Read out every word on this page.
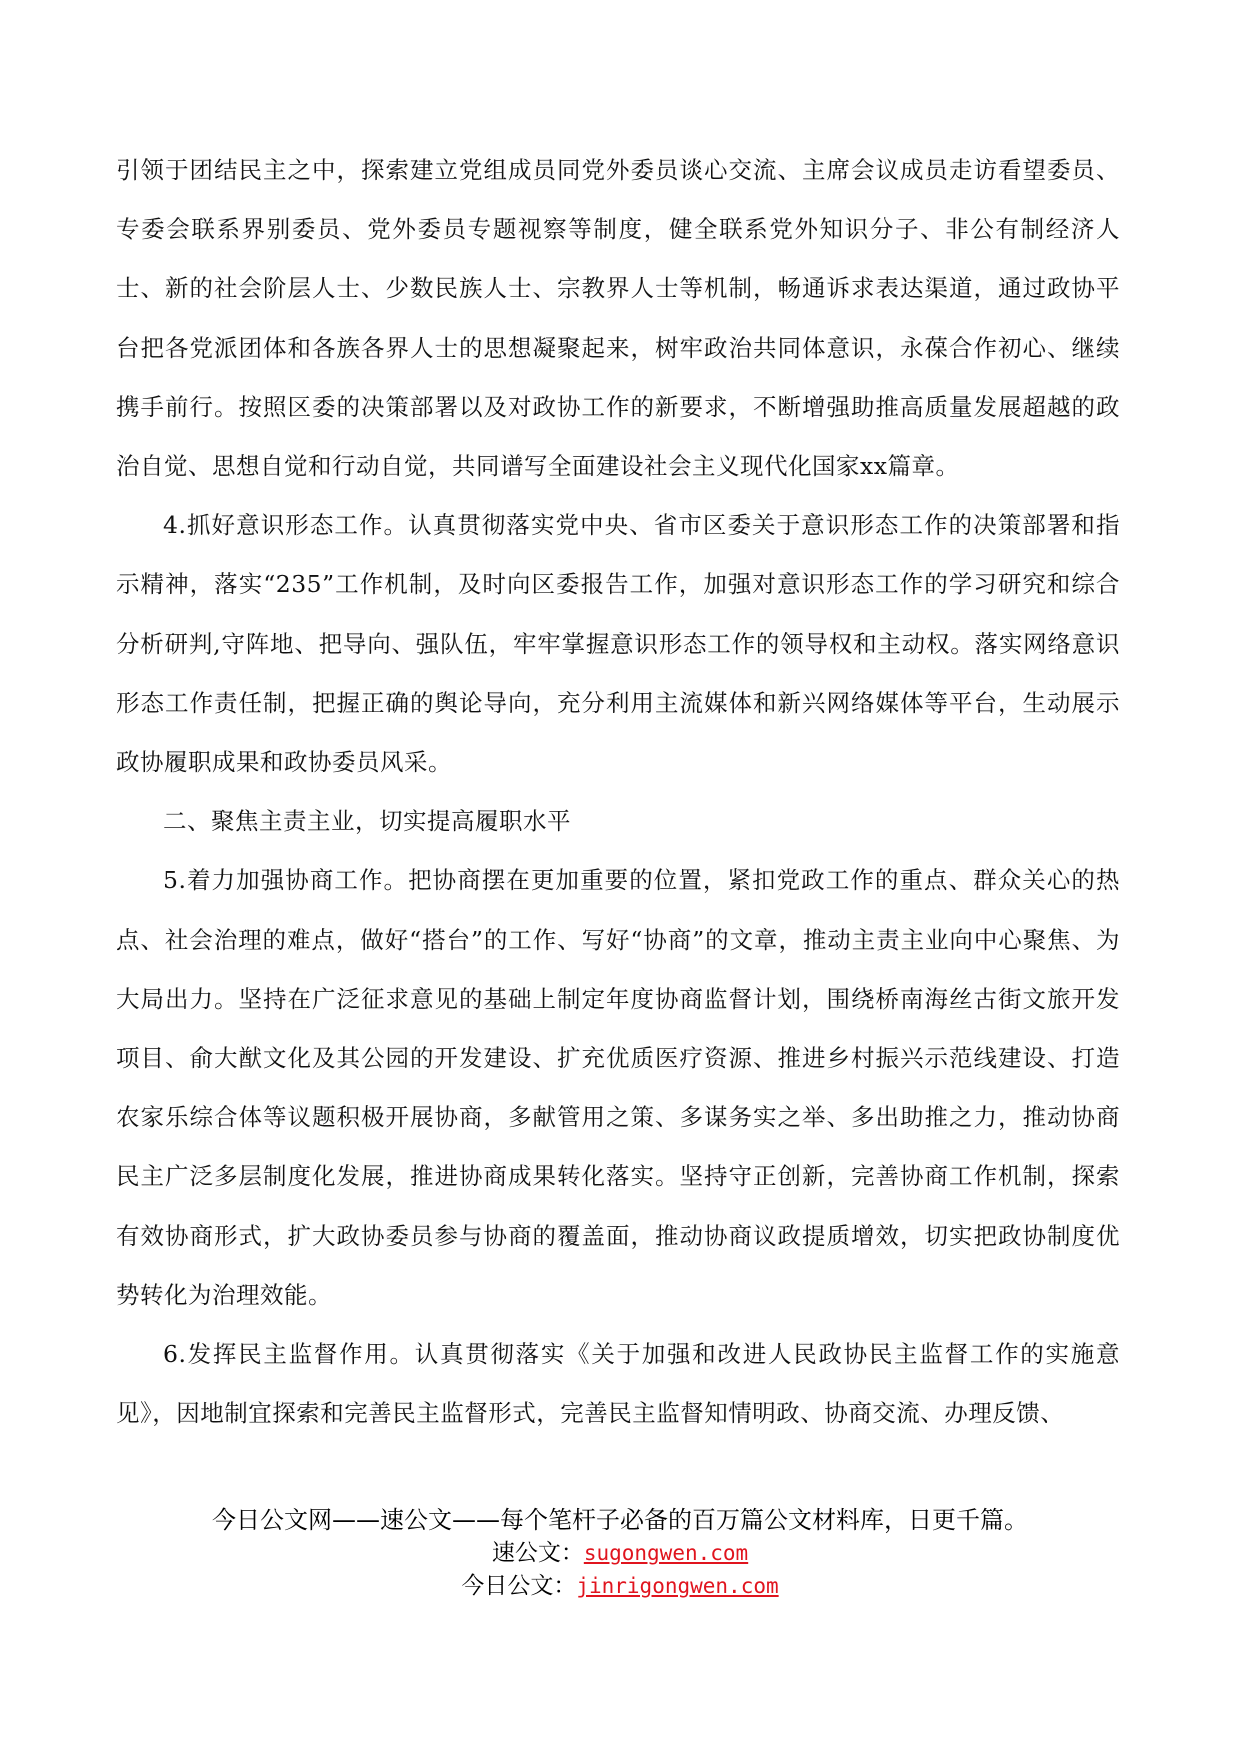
引领于团结民主之中，探索建立党组成员同党外委员谈心交流、主席会议成员走访看望委员、专委会联系界别委员、党外委员专题视察等制度，健全联系党外知识分子、非公有制经济人士、新的社会阶层人士、少数民族人士、宗教界人士等机制，畅通诉求表达渠道，通过政协平台把各党派团体和各族各界人士的思想凝聚起来，树牢政治共同体意识，永葆合作初心、继续携手前行。按照区委的决策部署以及对政协工作的新要求，不断增强助推高质量发展超越的政治自觉、思想自觉和行动自觉，共同谱写全面建设社会主义现代化国家xx篇章。

4.抓好意识形态工作。认真贯彻落实党中央、省市区委关于意识形态工作的决策部署和指示精神，落实“235”工作机制，及时向区委报告工作，加强对意识形态工作的学习研究和综合分析研判,守阵地、把导向、强队伍，牢牢掌握意识形态工作的领导权和主动权。落实网络意识形态工作责任制，把握正确的舆论导向，充分利用主流媒体和新兴网络媒体等平台，生动展示政协履职成果和政协委员风采。

二、聚焦主责主业，切实提高履职水平

5.着力加强协商工作。把协商摆在更加重要的位置，紧扣党政工作的重点、群众关心的热点、社会治理的难点，做好“搭台”的工作、写好“协商”的文章，推动主责主业向中心聚焦、为大局出力。坚持在广泛征求意见的基础上制定年度协商监督计划，围绕桥南海丝古街文旅开发项目、俞大猷文化及其公园的开发建设、扩充优质医疗资源、推进乡村振兴示范线建设、打造农家乐综合体等议题积极开展协商，多献管用之策、多谋务实之举、多出助推之力，推动协商民主广泛多层制度化发展，推进协商成果转化落实。坚持守正创新，完善协商工作机制，探索有效协商形式，扩大政协委员参与协商的覆盖面，推动协商议政提质增效，切实把政协制度优势转化为治理效能。

6.发挥民主监督作用。认真贯彻落实《关于加强和改进人民政协民主监督工作的实施意见》，因地制宜探索和完善民主监督形式，完善民主监督知情明政、协商交流、办理反馈、

今日公文网——速公文——每个笔杆子必备的百万篇公文材料库，日更千篇。
速公文：sugongwen.com
今日公文：jinrigongwen.com
